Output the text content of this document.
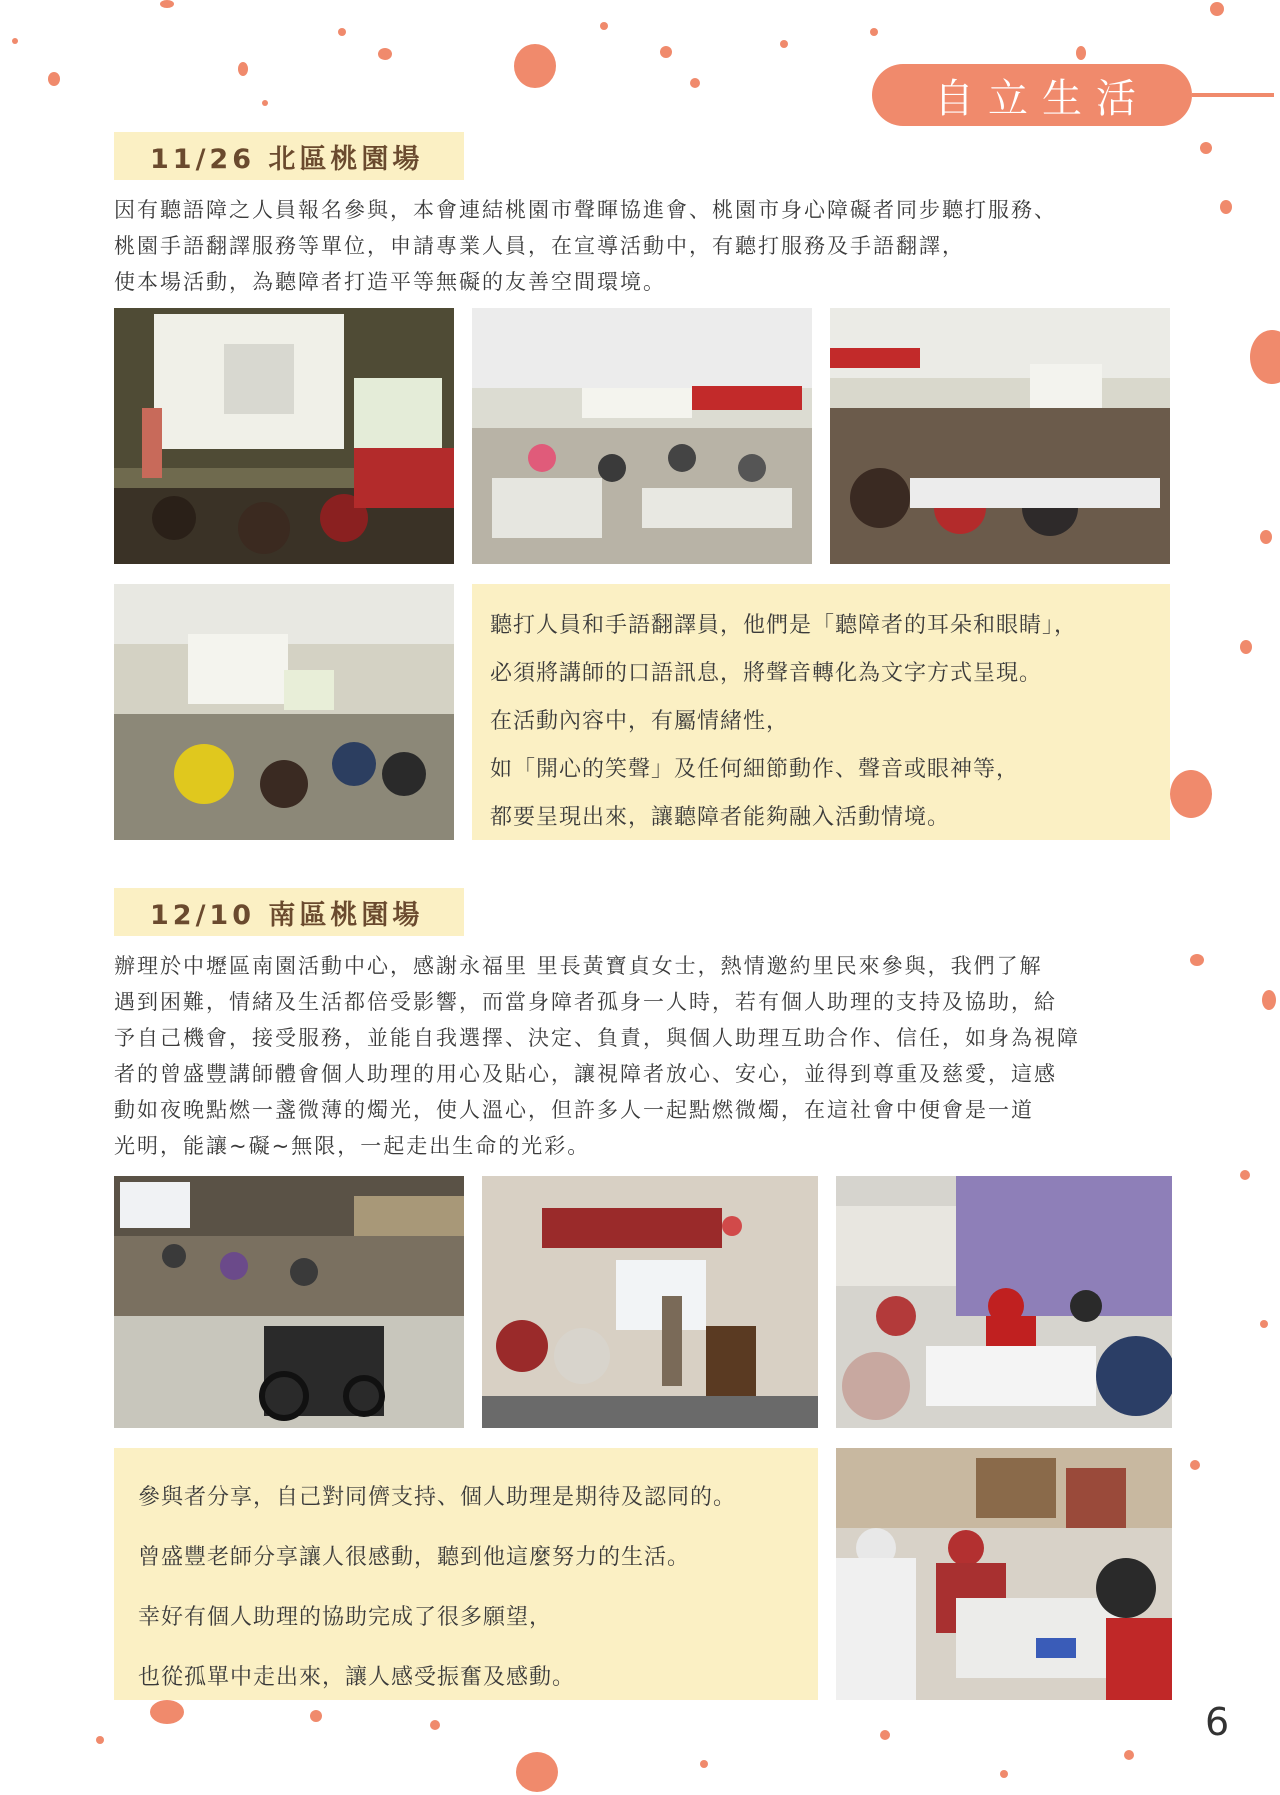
自立生活
11/26 北區桃園場

因有聽語障之人員報名參與，本會連結桃園市聲暉協進會、桃園市身心障礙者同步聽打服務、
桃園手語翻譯服務等單位，申請專業人員，在宣導活動中，有聽打服務及手語翻譯，
使本場活動，為聽障者打造平等無礙的友善空間環境。

聽打人員和手語翻譯員，他們是「聽障者的耳朵和眼睛」，
必須將講師的口語訊息，將聲音轉化為文字方式呈現。
在活動內容中，有屬情緒性，
如「開心的笑聲」及任何細節動作、聲音或眼神等，
都要呈現出來，讓聽障者能夠融入活動情境。
12/10 南區桃園場

辦理於中壢區南園活動中心，感謝永福里 里長黃寶貞女士，熱情邀約里民來參與，我們了解
遇到困難，情緒及生活都倍受影響，而當身障者孤身一人時，若有個人助理的支持及協助，給
予自己機會，接受服務，並能自我選擇、決定、負責，與個人助理互助合作、信任，如身為視障
者的曾盛豐講師體會個人助理的用心及貼心，讓視障者放心、安心，並得到尊重及慈愛，這感
動如夜晚點燃一盞微薄的燭光，使人溫心，但許多人一起點燃微燭，在這社會中便會是一道
光明，能讓~礙~無限，一起走出生命的光彩。

參與者分享，自己對同儕支持、個人助理是期待及認同的。
曾盛豐老師分享讓人很感動，聽到他這麼努力的生活。
幸好有個人助理的協助完成了很多願望，
也從孤單中走出來，讓人感受振奮及感動。
6
